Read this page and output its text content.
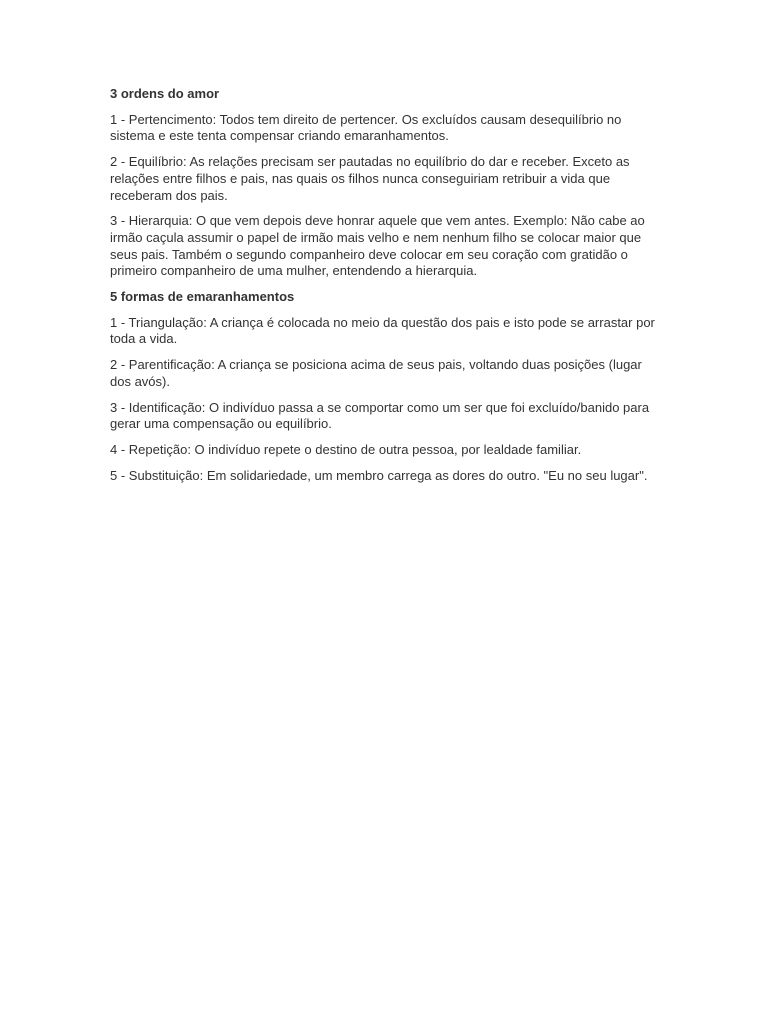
3 ordens do amor

1 - Pertencimento: Todos tem direito de pertencer. Os excluídos causam desequilíbrio no sistema e este tenta compensar criando emaranhamentos.

2 - Equilíbrio: As relações precisam ser pautadas no equilíbrio do dar e receber. Exceto as relações entre filhos e pais, nas quais os filhos nunca conseguiriam retribuir a vida que receberam dos pais.

3 - Hierarquia: O que vem depois deve honrar aquele que vem antes. Exemplo: Não cabe ao irmão caçula assumir o papel de irmão mais velho e nem nenhum filho se colocar maior que seus pais. Também o segundo companheiro deve colocar em seu coração com gratidão o primeiro companheiro de uma mulher, entendendo a hierarquia.

5 formas de emaranhamentos

1 - Triangulação: A criança é colocada no meio da questão dos pais e isto pode se arrastar por toda a vida.

2 - Parentificação: A criança se posiciona acima de seus pais, voltando duas posições (lugar dos avós).

3 - Identificação: O indivíduo passa a se comportar como um ser que foi excluído/banido para gerar uma compensação ou equilíbrio.

4 - Repetição: O indivíduo repete o destino de outra pessoa, por lealdade familiar.

5 - Substituição: Em solidariedade, um membro carrega as dores do outro. "Eu no seu lugar".
